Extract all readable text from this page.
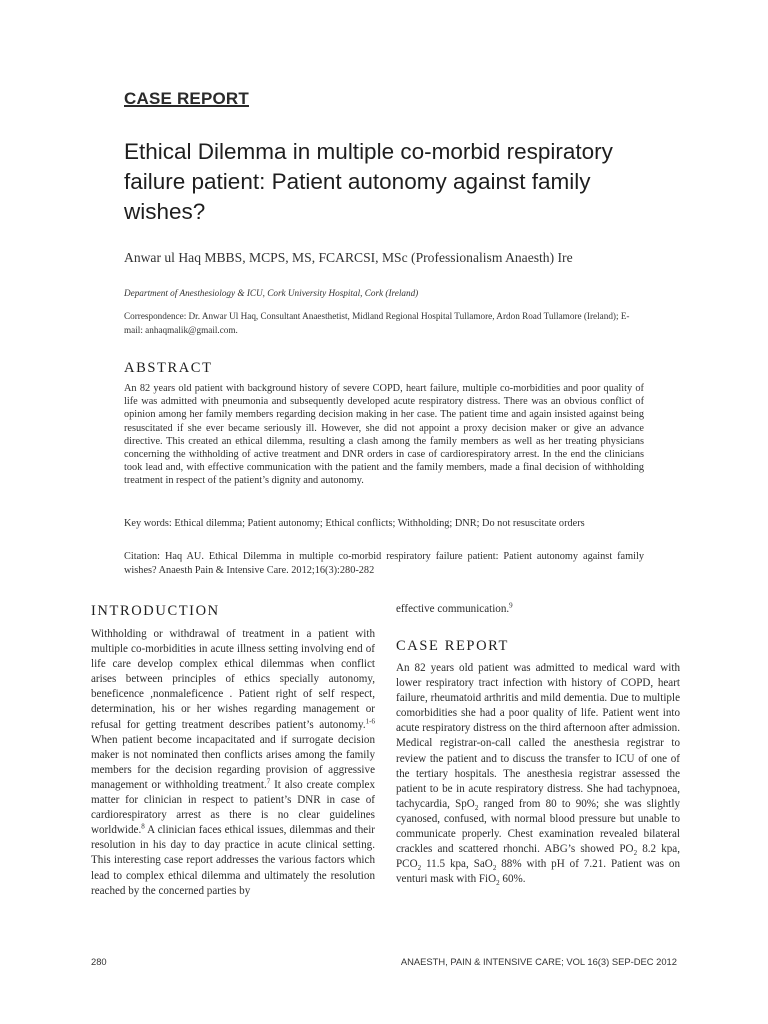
CASE REPORT
Ethical Dilemma in multiple co-morbid respiratory failure patient: Patient autonomy against family wishes?
Anwar ul Haq MBBS, MCPS, MS, FCARCSI, MSc (Professionalism Anaesth) Ire
Department of Anesthesiology & ICU, Cork University Hospital, Cork (Ireland)
Correspondence: Dr. Anwar Ul Haq, Consultant Anaesthetist, Midland Regional Hospital Tullamore, Ardon Road Tullamore (Ireland); E-mail: anhaqmalik@gmail.com.
ABSTRACT

An 82 years old patient with background history of severe COPD, heart failure, multiple co-morbidities and poor quality of life was admitted with pneumonia and subsequently developed acute respiratory distress. There was an obvious conflict of opinion among her family members regarding decision making in her case. The patient time and again insisted against being resuscitated if she ever became seriously ill. However, she did not appoint a proxy decision maker or give an advance directive. This created an ethical dilemma, resulting a clash among the family members as well as her treating physicians concerning the withholding of active treatment and DNR orders in case of cardiorespiratory arrest. In the end the clinicians took lead and, with effective communication with the patient and the family members, made a final decision of withholding treatment in respect of the patient’s dignity and autonomy.

Key words: Ethical dilemma; Patient autonomy; Ethical conflicts; Withholding; DNR; Do not resuscitate orders
Citation: Haq AU. Ethical Dilemma in multiple co-morbid respiratory failure patient: Patient autonomy against family wishes? Anaesth Pain & Intensive Care. 2012;16(3):280-282
INTRODUCTION

Withholding or withdrawal of treatment in a patient with multiple co-morbidities in acute illness setting involving end of life care develop complex ethical dilemmas when conflict arises between principles of ethics specially autonomy, beneficence ,nonmaleficence . Patient right of self respect, determination, his or her wishes regarding management or refusal for getting treatment describes patient’s autonomy.$^{1-6}$ When patient become incapacitated and if surrogate decision maker is not nominated then conflicts arises among the family members for the decision regarding provision of aggressive management or withholding treatment.$^7$ It also create complex matter for clinician in respect to patient’s DNR in case of cardiorespiratory arrest as there is no clear guidelines worldwide.$^8$ A clinician faces ethical issues, dilemmas and their resolution in his day to day practice in acute clinical setting. This interesting case report addresses the various factors which lead to complex ethical dilemma and ultimately the resolution reached by the concerned parties by

effective communication.$^9$

CASE REPORT

An 82 years old patient was admitted to medical ward with lower respiratory tract infection with history of COPD, heart failure, rheumatoid arthritis and mild dementia. Due to multiple comorbidities she had a poor quality of life. Patient went into acute respiratory distress on the third afternoon after admission. Medical registrar-on-call called the anesthesia registrar to review the patient and to discuss the transfer to ICU of one of the tertiary hospitals. The anesthesia registrar assessed the patient to be in acute respiratory distress. She had tachypnoea, tachycardia, SpO$_2$ ranged from 80 to 90%; she was slightly cyanosed, confused, with normal blood pressure but unable to communicate properly. Chest examination revealed bilateral crackles and scattered rhonchi. ABG’s showed $PO_2$ 8.2 kpa, $PCO_2$ 11.5 kpa, SaO$_2$ 88% with pH of 7.21. Patient was on venturi mask with FiO$_2$ 60%.

280	ANAESTH, PAIN & INTENSIVE CARE; VOL 16(3) SEP-DEC 2012
